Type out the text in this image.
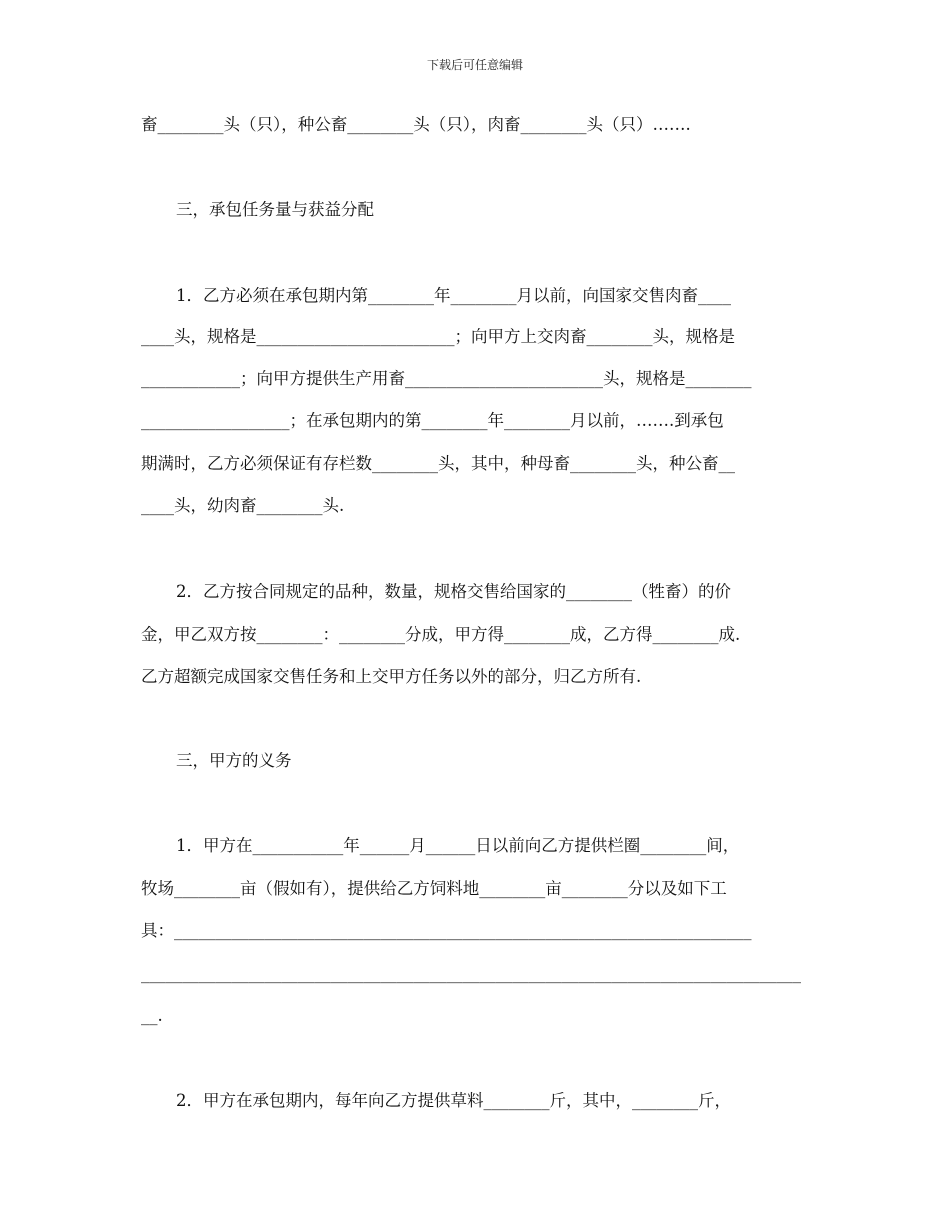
下载后可任意编辑
畜________头（只），种公畜________头（只），肉畜________头（只）…….
三，承包任务量与获益分配
1．乙方必须在承包期内第________年________月以前，向国家交售肉畜____
____头，规格是________________________；向甲方上交肉畜________头，规格是
____________；向甲方提供生产用畜________________________头，规格是________
__________________；在承包期内的第________年________月以前，…….到承包
期满时，乙方必须保证有存栏数________头，其中，种母畜________头，种公畜__
____头，幼肉畜________头.
2．乙方按合同规定的品种，数量，规格交售给国家的________（牲畜）的价
金，甲乙双方按________：________分成，甲方得________成，乙方得________成.
乙方超额完成国家交售任务和上交甲方任务以外的部分，归乙方所有.
三，甲方的义务
1．甲方在___________年______月______日以前向乙方提供栏圈________间，
牧场________亩（假如有），提供给乙方饲料地________亩________分以及如下工
具：______________________________________________________________________
________________________________________________________________________________
__.
2．甲方在承包期内，每年向乙方提供草料________斤，其中，________斤，
